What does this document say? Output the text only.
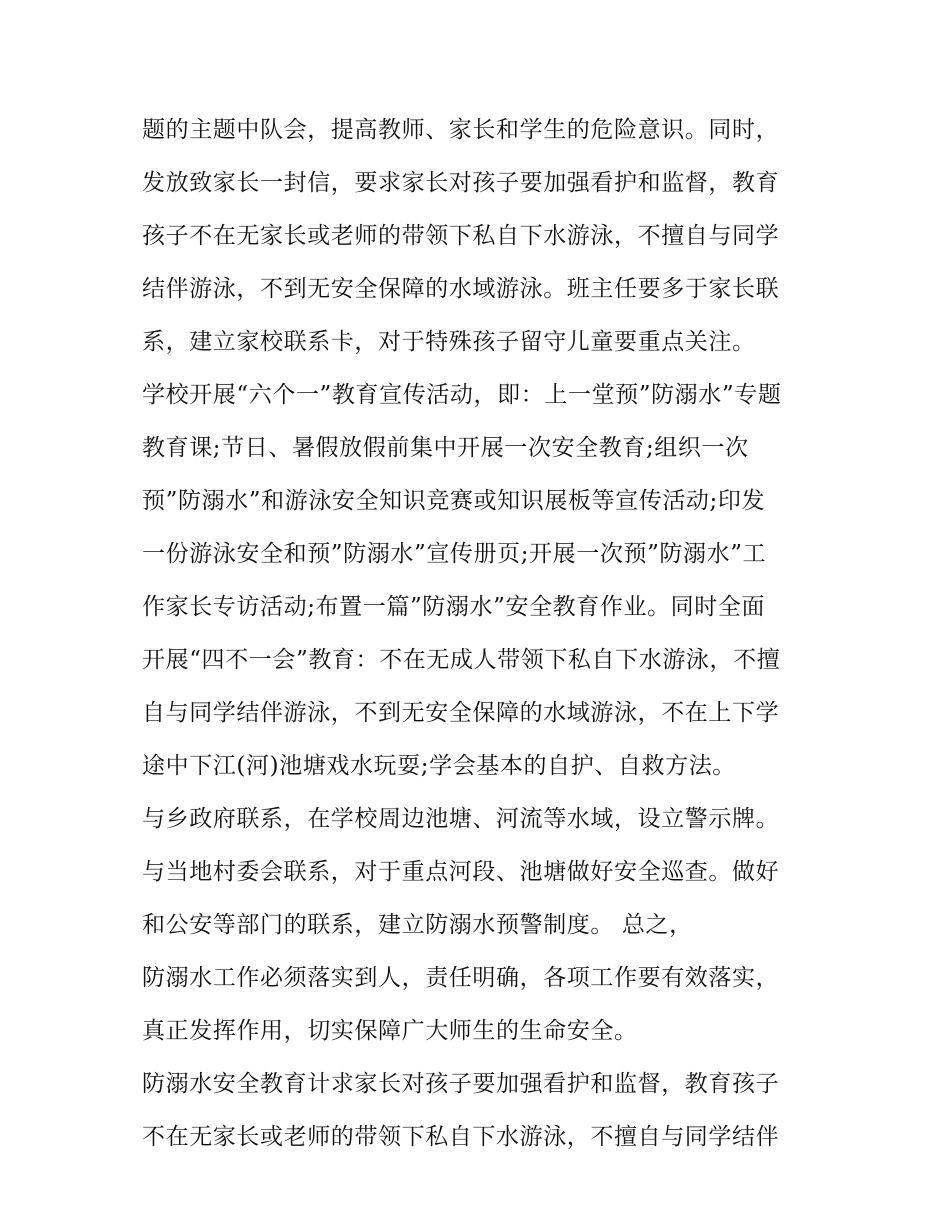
题的主题中队会，提高教师、家长和学生的危险意识。同时，
发放致家长一封信，要求家长对孩子要加强看护和监督，教育
孩子不在无家长或老师的带领下私自下水游泳，不擅自与同学
结伴游泳，不到无安全保障的水域游泳。班主任要多于家长联
系，建立家校联系卡，对于特殊孩子留守儿童要重点关注。
学校开展“六个一”教育宣传活动，即：上一堂预”防溺水”专题
教育课;节日、暑假放假前集中开展一次安全教育;组织一次
预”防溺水”和游泳安全知识竞赛或知识展板等宣传活动;印发
一份游泳安全和预”防溺水”宣传册页;开展一次预”防溺水”工
作家长专访活动;布置一篇”防溺水”安全教育作业。同时全面
开展“四不一会”教育：不在无成人带领下私自下水游泳，不擅
自与同学结伴游泳，不到无安全保障的水域游泳，不在上下学
途中下江(河)池塘戏水玩耍;学会基本的自护、自救方法。
与乡政府联系，在学校周边池塘、河流等水域，设立警示牌。
与当地村委会联系，对于重点河段、池塘做好安全巡查。做好
和公安等部门的联系，建立防溺水预警制度。 总之，
防溺水工作必须落实到人，责任明确，各项工作要有效落实，
真正发挥作用，切实保障广大师生的生命安全。
防溺水安全教育计求家长对孩子要加强看护和监督，教育孩子
不在无家长或老师的带领下私自下水游泳，不擅自与同学结伴
